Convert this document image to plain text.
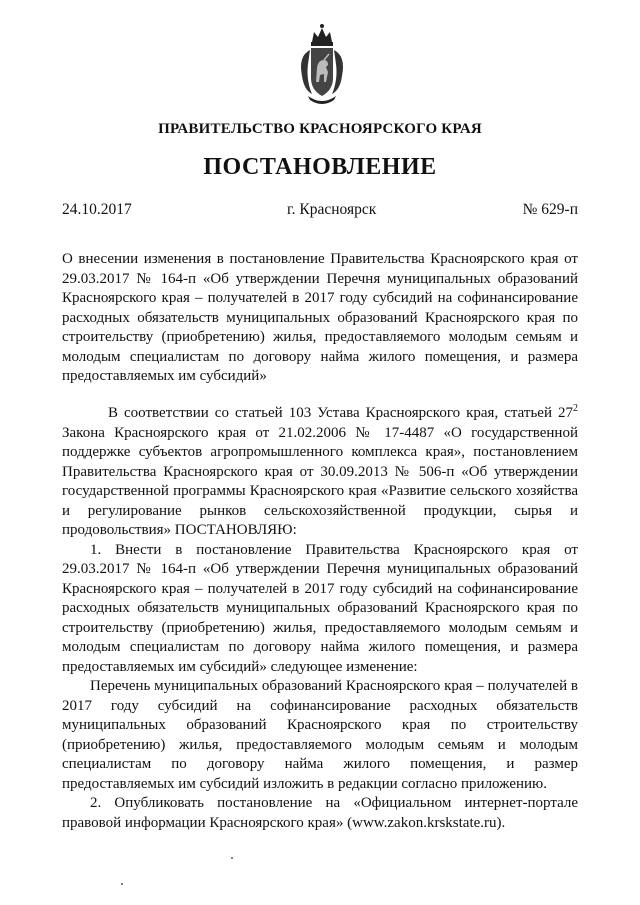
ПРАВИТЕЛЬСТВО КРАСНОЯРСКОГО КРАЯ
ПОСТАНОВЛЕНИЕ
24.10.2017	г. Красноярск	№ 629-п
О внесении изменения в постановление Правительства Красноярского края от 29.03.2017 № 164-п «Об утверждении Перечня муниципальных образований Красноярского края – получателей в 2017 году субсидий на софинансирование расходных обязательств муниципальных образований Красноярского края по строительству (приобретению) жилья, предоставляемого молодым семьям и молодым специалистам по договору найма жилого помещения, и размера предоставляемых им субсидий»

В соответствии со статьей 103 Устава Красноярского края, статьей $27^2$ Закона Красноярского края от 21.02.2006 № 17-4487 «О государственной поддержке субъектов агропромышленного комплекса края», постановлением Правительства Красноярского края от 30.09.2013 № 506-п «Об утверждении государственной программы Красноярского края «Развитие сельского хозяйства и регулирование рынков сельскохозяйственной продукции, сырья и продовольствия» ПОСТАНОВЛЯЮ:

1. Внести в постановление Правительства Красноярского края от 29.03.2017 № 164-п «Об утверждении Перечня муниципальных образований Красноярского края – получателей в 2017 году субсидий на софинансирование расходных обязательств муниципальных образований Красноярского края по строительству (приобретению) жилья, предоставляемого молодым семьям и молодым специалистам по договору найма жилого помещения, и размера предоставляемых им субсидий» следующее изменение:

Перечень муниципальных образований Красноярского края – получателей в 2017 году субсидий на софинансирование расходных обязательств муниципальных образований Красноярского края по строительству (приобретению) жилья, предоставляемого молодым семьям и молодым специалистам по договору найма жилого помещения, и размер предоставляемых им субсидий изложить в редакции согласно приложению.

2. Опубликовать постановление на «Официальном интернет-портале правовой информации Красноярского края» (www.zakon.krskstate.ru).
